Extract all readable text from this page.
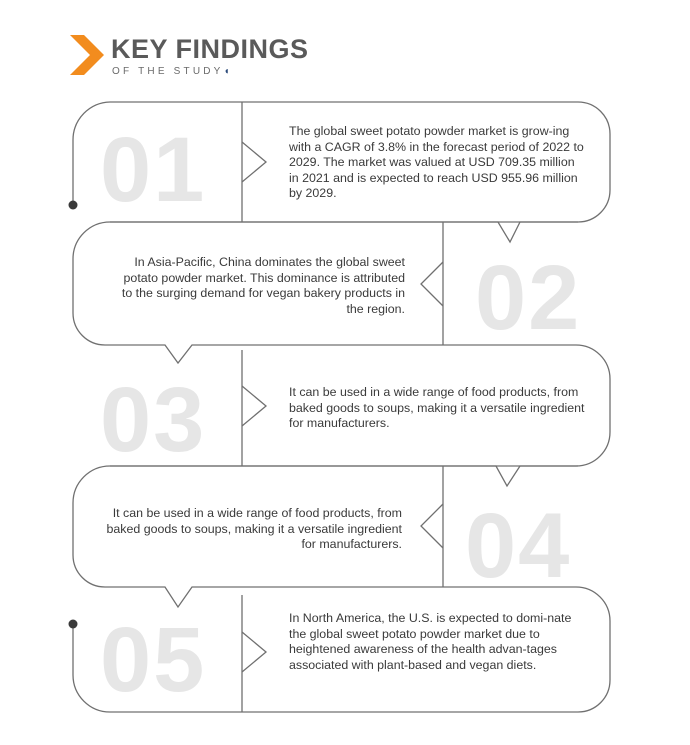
KEY FINDINGS
OF THE STUDY◖
01
02
03
04
05
The global sweet potato powder market is grow-ing with a CAGR of 3.8% in the forecast period of 2022 to 2029. The market was valued at USD 709.35 million in 2021 and is expected to reach USD 955.96 million by 2029.
In Asia-Pacific, China dominates the global sweet potato powder market. This dominance is attributed to the surging demand for vegan bakery products in the region.
It can be used in a wide range of food products, from baked goods to soups, making it a versatile ingredient for manufacturers.
It can be used in a wide range of food products, from baked goods to soups, making it a versatile ingredient for manufacturers.
In North America, the U.S. is expected to domi-nate the global sweet potato powder market due to heightened awareness of the health advan-tages associated with plant-based and vegan diets.
